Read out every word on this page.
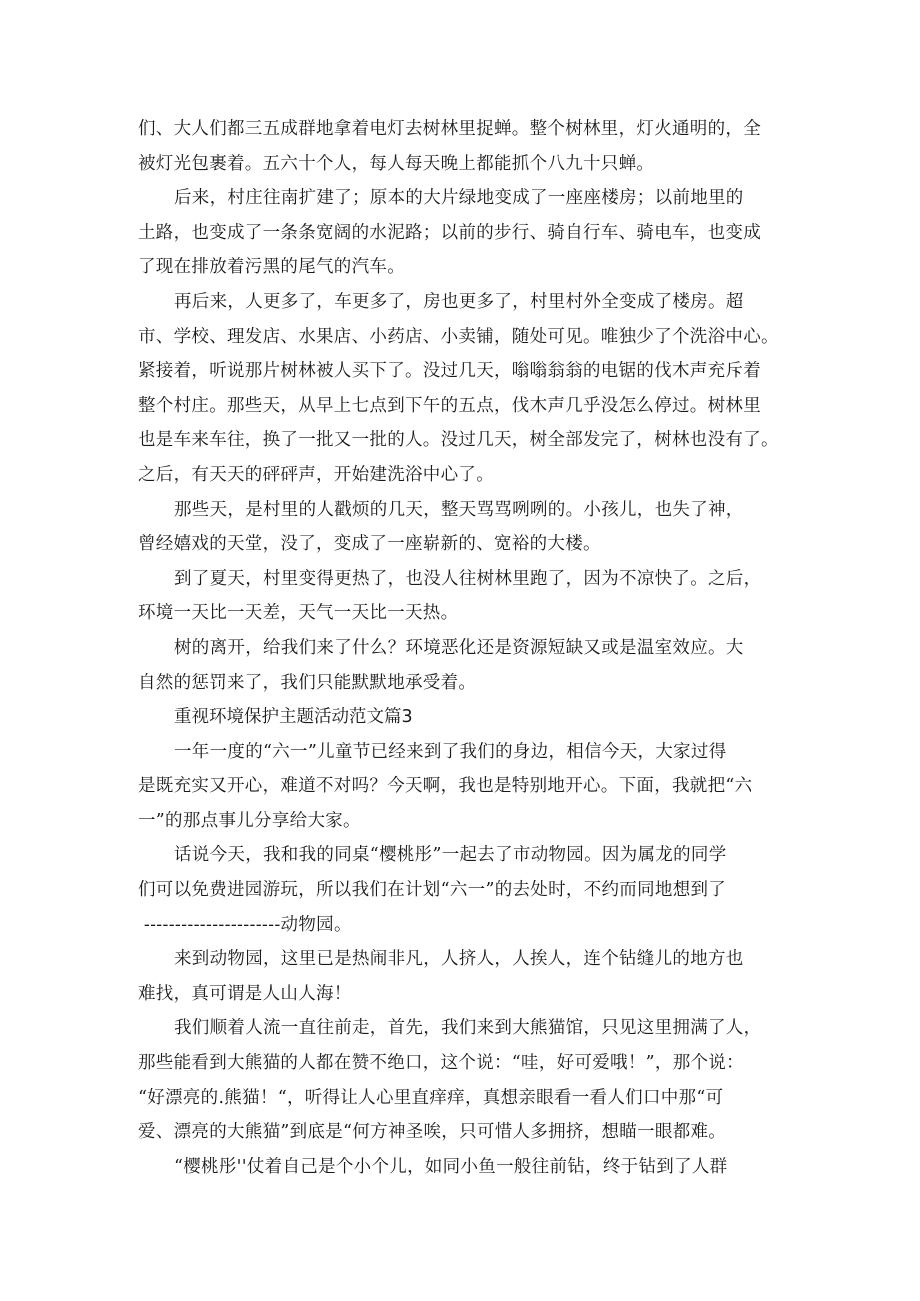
们、大人们都三五成群地拿着电灯去树林里捉蝉。整个树林里，灯火通明的，全
被灯光包裹着。五六十个人，每人每天晚上都能抓个八九十只蝉。
后来，村庄往南扩建了；原本的大片绿地变成了一座座楼房；以前地里的
土路，也变成了一条条宽阔的水泥路；以前的步行、骑自行车、骑电车，也变成
了现在排放着污黑的尾气的汽车。
再后来，人更多了，车更多了，房也更多了，村里村外全变成了楼房。超
市、学校、理发店、水果店、小药店、小卖铺，随处可见。唯独少了个洗浴中心。
紧接着，听说那片树林被人买下了。没过几天，嗡嗡翁翁的电锯的伐木声充斥着
整个村庄。那些天，从早上七点到下午的五点，伐木声几乎没怎么停过。树林里
也是车来车往，换了一批又一批的人。没过几天，树全部发完了，树林也没有了。
之后，有天天的砰砰声，开始建洗浴中心了。
那些天，是村里的人戳烦的几天，整天骂骂咧咧的。小孩儿，也失了神，
曾经嬉戏的天堂，没了，变成了一座崭新的、宽裕的大楼。
到了夏天，村里变得更热了，也没人往树林里跑了，因为不凉快了。之后，
环境一天比一天差，天气一天比一天热。
树的离开，给我们来了什么？环境恶化还是资源短缺又或是温室效应。大
自然的惩罚来了，我们只能默默地承受着。
重视环境保护主题活动范文篇3
一年一度的“六一”儿童节已经来到了我们的身边，相信今天，大家过得
是既充实又开心，难道不对吗？今天啊，我也是特别地开心。下面，我就把“六
一”的那点事儿分享给大家。
话说今天，我和我的同桌“樱桃彤”一起去了市动物园。因为属龙的同学
们可以免费进园游玩，所以我们在计划“六一”的去处时，不约而同地想到了
----------------------动物园。
来到动物园，这里已是热闹非凡，人挤人，人挨人，连个钻缝儿的地方也
难找，真可谓是人山人海！
我们顺着人流一直往前走，首先，我们来到大熊猫馆，只见这里拥满了人，
那些能看到大熊猫的人都在赞不绝口，这个说：“哇，好可爱哦！”，那个说：
“好漂亮的.熊猫！“，听得让人心里直痒痒，真想亲眼看一看人们口中那“可
爱、漂亮的大熊猫”到底是“何方神圣唉，只可惜人多拥挤，想瞄一眼都难。
“樱桃彤''仗着自己是个小个儿，如同小鱼一般往前钻，终于钻到了人群
